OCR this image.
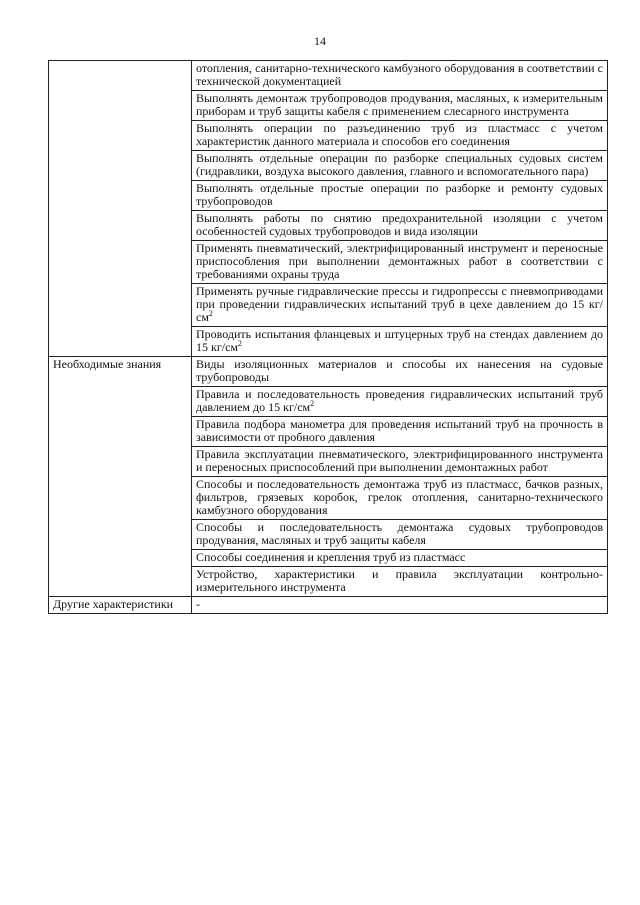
14

	отопления, санитарно-технического камбузного оборудования в соответствии с технической документацией

	Выполнять демонтаж трубопроводов продувания, масляных, к измерительным приборам и труб защиты кабеля с применением слесарного инструмента

	Выполнять операции по разъединению труб из пластмасс с учетом характеристик данного материала и способов его соединения

	Выполнять отдельные операции по разборке специальных судовых систем (гидравлики, воздуха высокого давления, главного и вспомогательного пара)

	Выполнять отдельные простые операции по разборке и ремонту судовых трубопроводов

	Выполнять работы по снятию предохранительной изоляции с учетом особенностей судовых трубопроводов и вида изоляции

	Применять пневматический, электрифицированный инструмент и переносные приспособления при выполнении демонтажных работ в соответствии с требованиями охраны труда

	Применять ручные гидравлические прессы и гидропрессы с пневмоприводами при проведении гидравлических испытаний труб в цехе давлением до 15 $кг/см^2$

	Проводить испытания фланцевых и штуцерных труб на стендах давлением до 15 $кг/см^2$

Необходимые знания	Виды изоляционных материалов и способы их нанесения на судовые трубопроводы

	Правила и последовательность проведения гидравлических испытаний труб давлением до 15 $кг/см^2$

	Правила подбора манометра для проведения испытаний труб на прочность в зависимости от пробного давления

	Правила эксплуатации пневматического, электрифицированного инструмента и переносных приспособлений при выполнении демонтажных работ

	Способы и последовательность демонтажа труб из пластмасс, бачков разных, фильтров, грязевых коробок, грелок отопления, санитарно-технического камбузного оборудования

	Способы и последовательность демонтажа судовых трубопроводов продувания, масляных и труб защиты кабеля

	Способы соединения и крепления труб из пластмасс

	Устройство, характеристики и правила эксплуатации контрольно-измерительного инструмента

Другие характеристики	-
